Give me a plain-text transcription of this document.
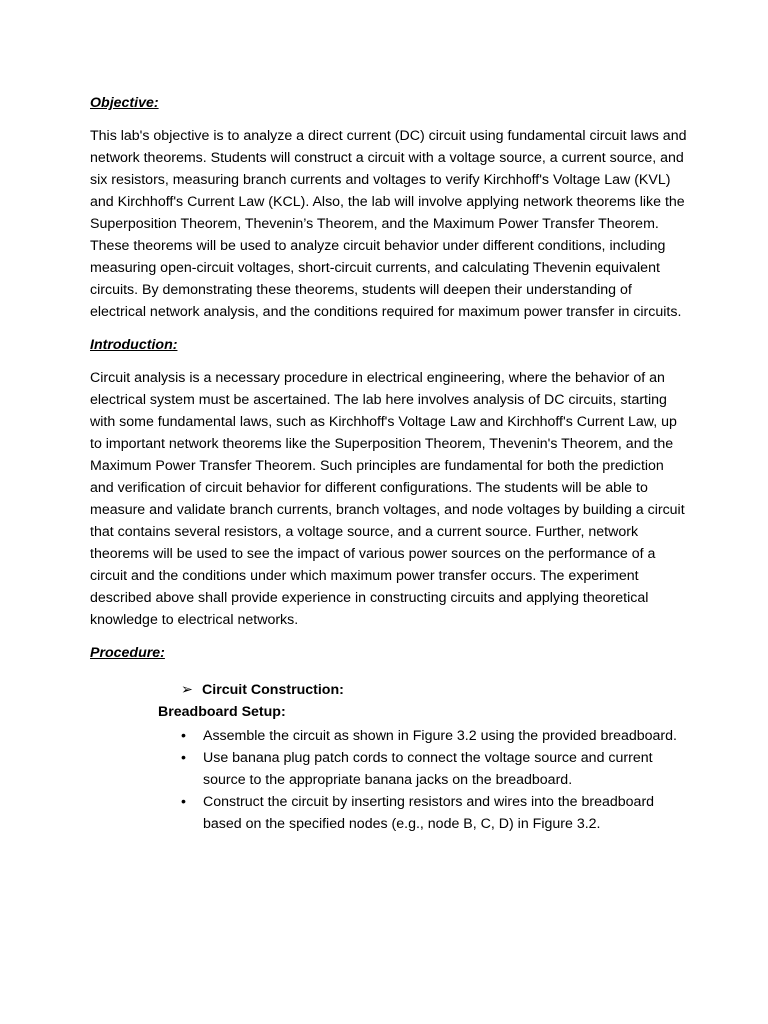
Objective:

This lab's objective is to analyze a direct current (DC) circuit using fundamental circuit laws and network theorems. Students will construct a circuit with a voltage source, a current source, and six resistors, measuring branch currents and voltages to verify Kirchhoff's Voltage Law (KVL) and Kirchhoff's Current Law (KCL). Also, the lab will involve applying network theorems like the Superposition Theorem, Thevenin’s Theorem, and the Maximum Power Transfer Theorem. These theorems will be used to analyze circuit behavior under different conditions, including measuring open-circuit voltages, short-circuit currents, and calculating Thevenin equivalent circuits. By demonstrating these theorems, students will deepen their understanding of electrical network analysis, and the conditions required for maximum power transfer in circuits.

Introduction:

Circuit analysis is a necessary procedure in electrical engineering, where the behavior of an electrical system must be ascertained. The lab here involves analysis of DC circuits, starting with some fundamental laws, such as Kirchhoff's Voltage Law and Kirchhoff's Current Law, up to important network theorems like the Superposition Theorem, Thevenin's Theorem, and the Maximum Power Transfer Theorem. Such principles are fundamental for both the prediction and verification of circuit behavior for different configurations. The students will be able to measure and validate branch currents, branch voltages, and node voltages by building a circuit that contains several resistors, a voltage source, and a current source. Further, network theorems will be used to see the impact of various power sources on the performance of a circuit and the conditions under which maximum power transfer occurs. The experiment described above shall provide experience in constructing circuits and applying theoretical knowledge to electrical networks.

Procedure:

➢ Circuit Construction:
Breadboard Setup:
• Assemble the circuit as shown in Figure 3.2 using the provided breadboard.
• Use banana plug patch cords to connect the voltage source and current source to the appropriate banana jacks on the breadboard.
• Construct the circuit by inserting resistors and wires into the breadboard based on the specified nodes (e.g., node B, C, D) in Figure 3.2.
